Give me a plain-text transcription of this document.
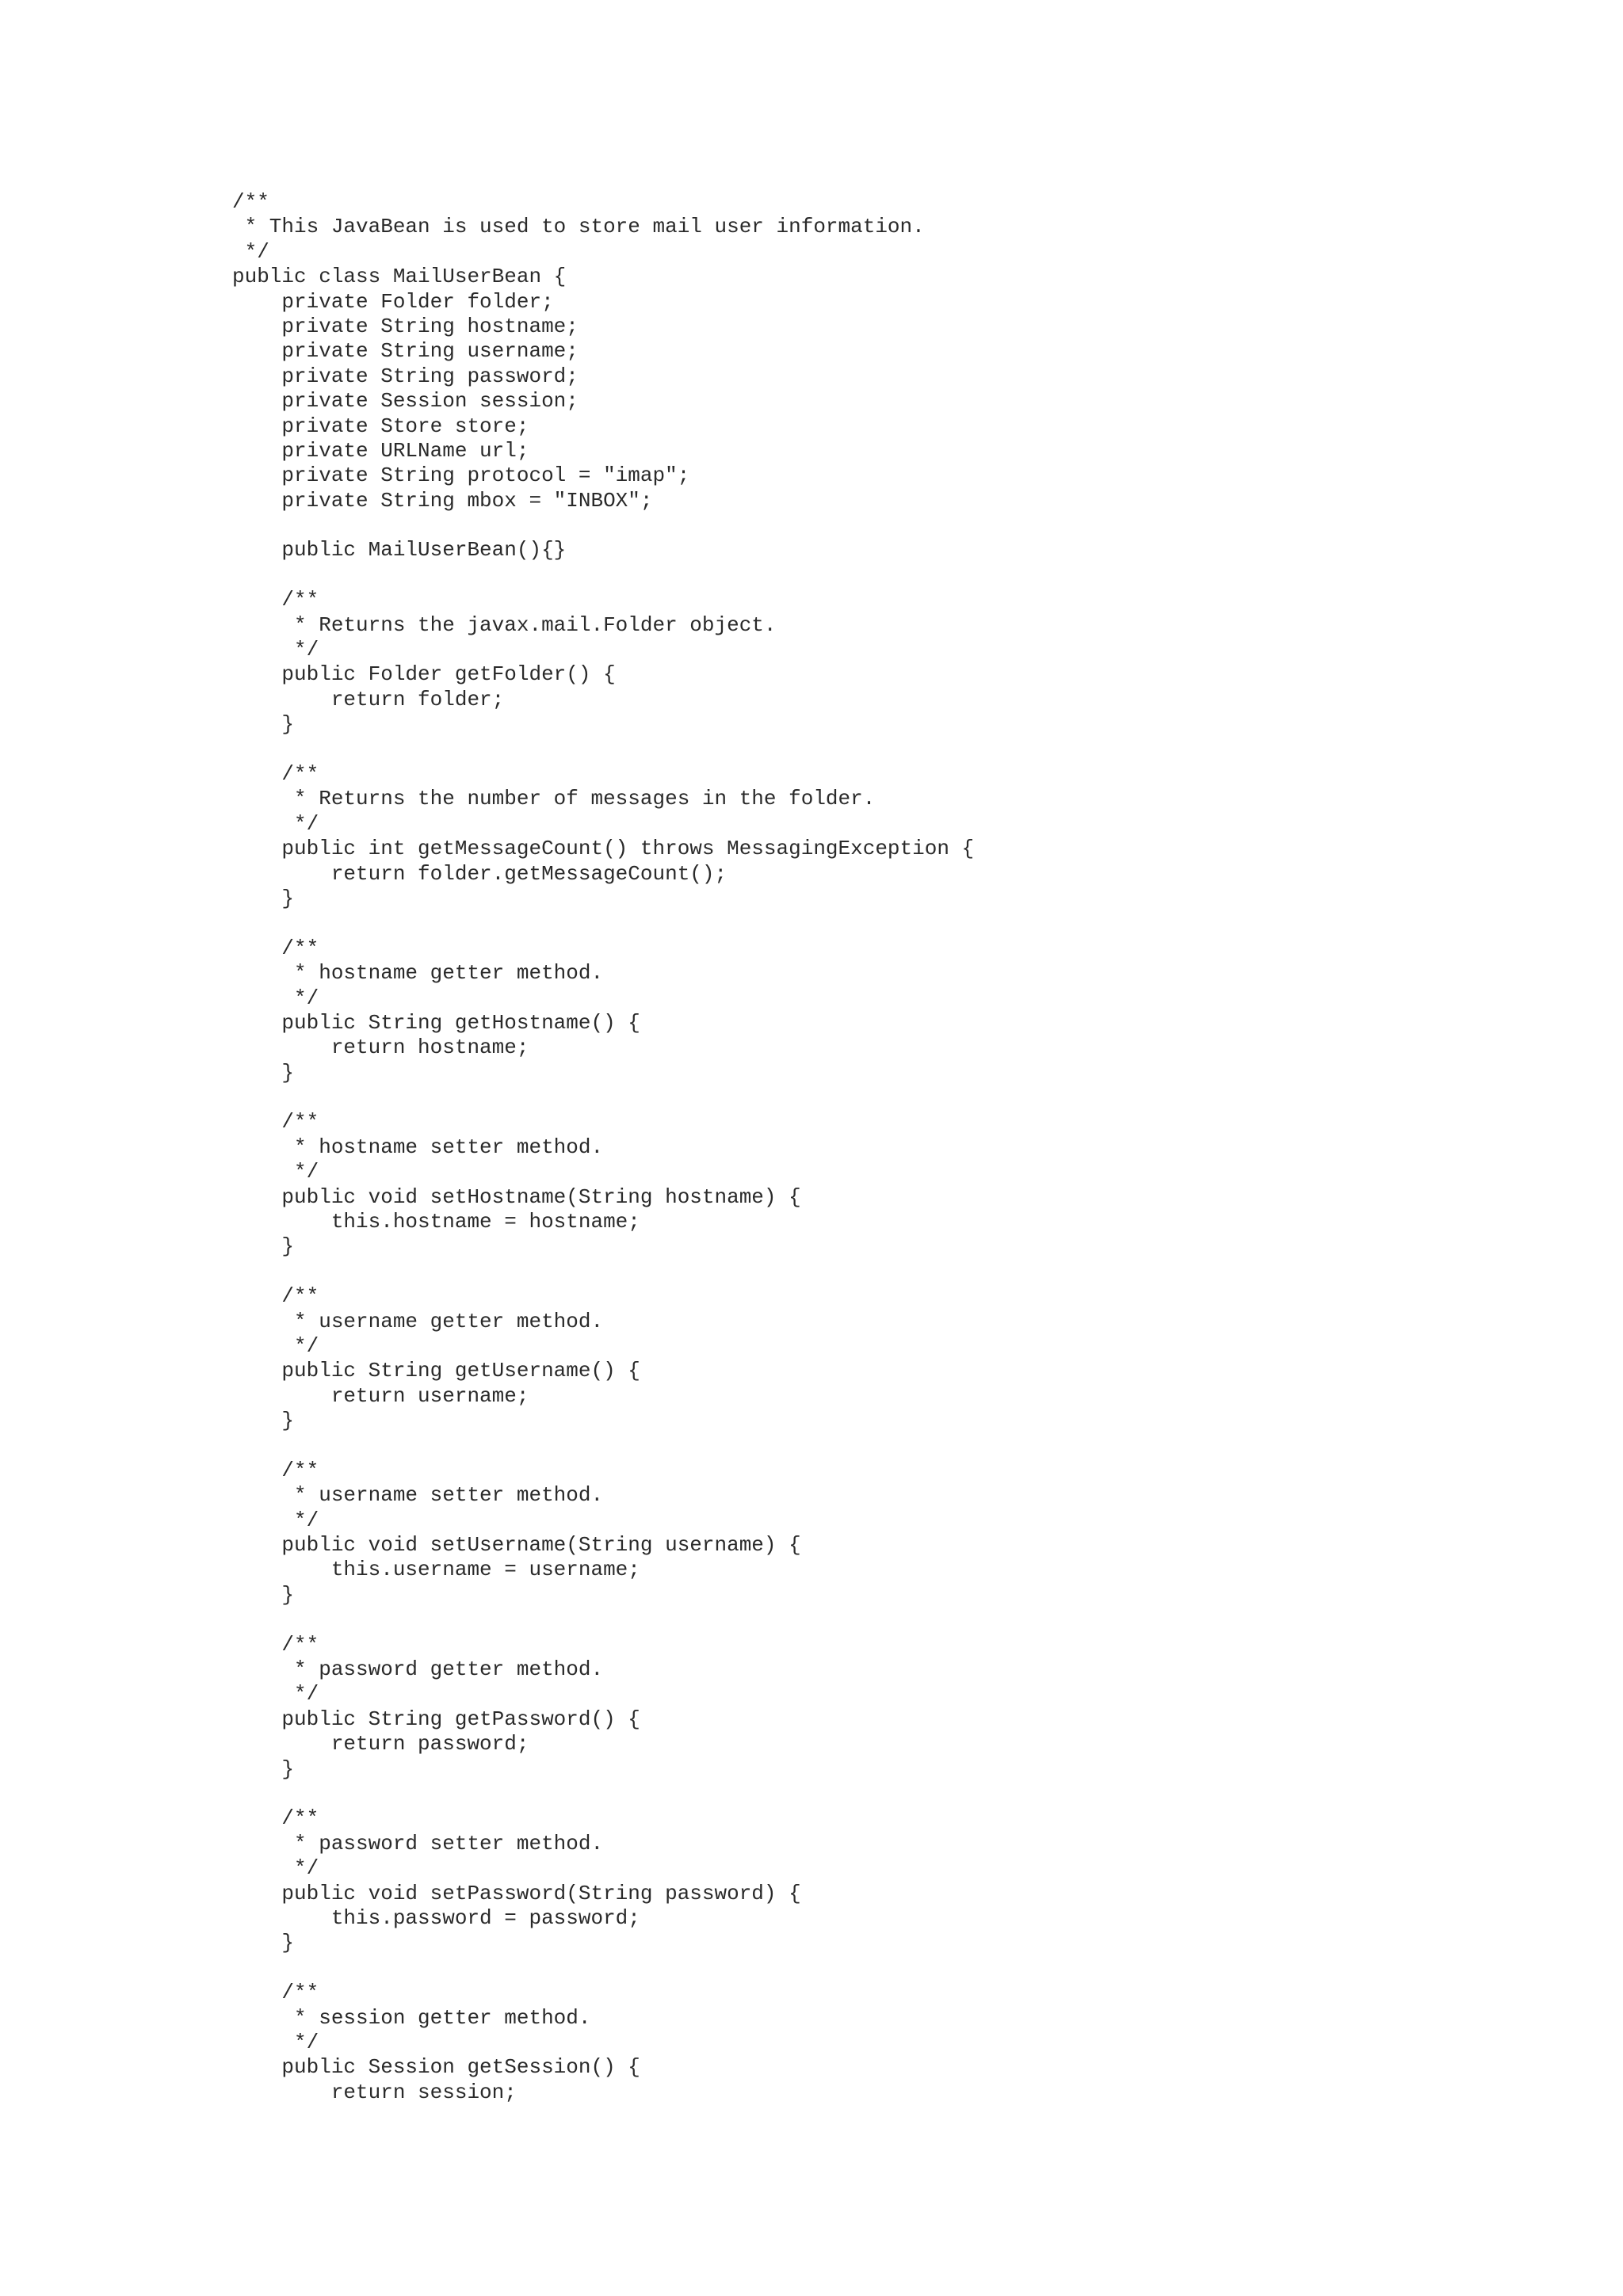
/**
* This JavaBean is used to store mail user information.
*/
public class MailUserBean {
private Folder folder;
private String hostname;
private String username;
private String password;
private Session session;
private Store store;
private URLName url;
private String protocol = "imap";
private String mbox = "INBOX";
public MailUserBean(){}
/**
* Returns the javax.mail.Folder object.
*/
public Folder getFolder() {
return folder;
}
/**
* Returns the number of messages in the folder.
*/
public int getMessageCount() throws MessagingException {
return folder.getMessageCount();
}
/**
* hostname getter method.
*/
public String getHostname() {
return hostname;
}
/**
* hostname setter method.
*/
public void setHostname(String hostname) {
this.hostname = hostname;
}
/**
* username getter method.
*/
public String getUsername() {
return username;
}
/**
* username setter method.
*/
public void setUsername(String username) {
this.username = username;
}
/**
* password getter method.
*/
public String getPassword() {
return password;
}
/**
* password setter method.
*/
public void setPassword(String password) {
this.password = password;
}
/**
* session getter method.
*/
public Session getSession() {
return session;
